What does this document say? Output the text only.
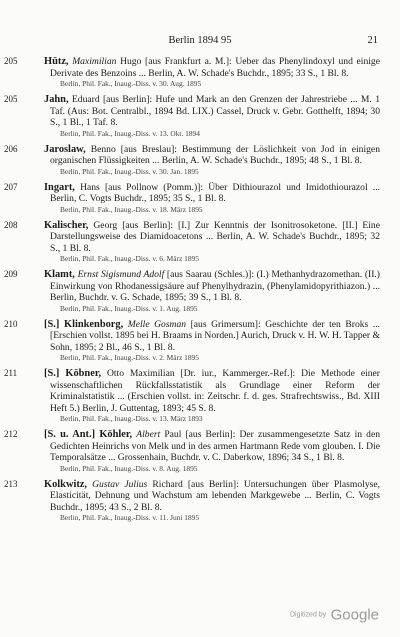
Berlin 1894 95	21
205	Hütz, Maximilian Hugo [aus Frankfurt a. M.]: Ueber das Phenylindoxyl und einige Derivate des Benzoins ... Berlin, A. W. Schade's Buchdr., 1895; 33 S., 1 Bl. 8.
Berlin, Phil. Fak., Inaug.-Diss. v. 30. Aug. 1895
205	Jahn, Eduard [aus Berlin]: Hufe und Mark an den Grenzen der Jahrestriebe ... M. 1 Taf. (Aus: Bot. Centralbl., 1894 Bd. LIX.) Cassel, Druck v. Gebr. Gotthelft, 1894; 30 S., 1 Bl., 1 Taf. 8.
Berlin, Phil. Fak., Inaug.-Diss. v. 13. Okt. 1894
206	Jaroslaw, Benno [aus Breslau]: Bestimmung der Löslichkeit von Jod in einigen organischen Flüssigkeiten ... Berlin, A. W. Schade's Buchdr., 1895; 48 S., 1 Bl. 8.
Berlin, Phil. Fak., Inaug.-Diss. v. 30. Jan. 1895
207	Ingart, Hans [aus Pollnow (Pomm.)]: Über Dithiourazol und Imidothiourazol ... Berlin, C. Vogts Buchdr., 1895; 35 S., 1 Bl. 8.
Berlin, Phil. Fak., Inaug.-Diss. v. 18. März 1895
208	Kalischer, Georg [aus Berlin]: [I.] Zur Kenntnis der Isonitrosoketone. [II.] Eine Darstellungsweise des Diamidoacetons ... Berlin, A. W. Schade's Buchdr., 1895; 32 S., 1 Bl. 8.
Berlin, Phil. Fak., Inaug.-Diss. v. 6. März 1895
209	Klamt, Ernst Sigismund Adolf [aus Saarau (Schles.)]: (I.) Methanhydrazomethan. (II.) Einwirkung von Rhodanessigsäure auf Phenylhydrazin, (Phenylamidopyrithiazon.) ... Berlin, Buchdr. v. G. Schade, 1895; 39 S., 1 Bl. 8.
Berlin, Phil. Fak., Inaug.-Diss. v. 1. Aug. 1895
210	[S.] Klinkenborg, Melle Gosman [aus Grimersum]: Geschichte der ten Broks ... [Erschien vollst. 1895 bei H. Braams in Norden.] Aurich, Druck v. H. W. H. Tapper & Sohn, 1895; 2 Bl., 46 S., 1 Bl. 8.
Berlin, Phil. Fak., Inaug.-Diss. v. 2. März 1895
211	[S.] Köbner, Otto Maximilian [Dr. iur., Kammerger.-Ref.]: Die Methode einer wissenschaftlichen Rückfallsstatistik als Grundlage einer Reform der Kriminalstatistik ... (Erschien vollst. in: Zeitschr. f. d. ges. Strafrechtswiss., Bd. XIII Heft 5.) Berlin, J. Guttentag, 1893; 45 S. 8.
Berlin, Phil. Fak., Inaug.-Diss. v. 13. März 1893
212	[S. u. Ant.] Köhler, Albert Paul [aus Berlin]: Der zusammengesetzte Satz in den Gedichten Heinrichs von Melk und in des armen Hartmann Rede vom glouben. I. Die Temporalsätze ... Grossenhain, Buchdr. v. C. Daberkow, 1896; 34 S., 1 Bl. 8.
Berlin, Phil. Fak., Inaug.-Diss. v. 8. Aug. 1895
213	Kolkwitz, Gustav Julius Richard [aus Berlin]: Untersuchungen über Plasmolyse, Elasticität, Dehnung und Wachstum am lebenden Markgewebe ... Berlin, C. Vogts Buchdr., 1895; 43 S., 2 Bl. 8.
Berlin, Phil. Fak., Inaug.-Diss. v. 11. Juni 1895
Digitized by Google
